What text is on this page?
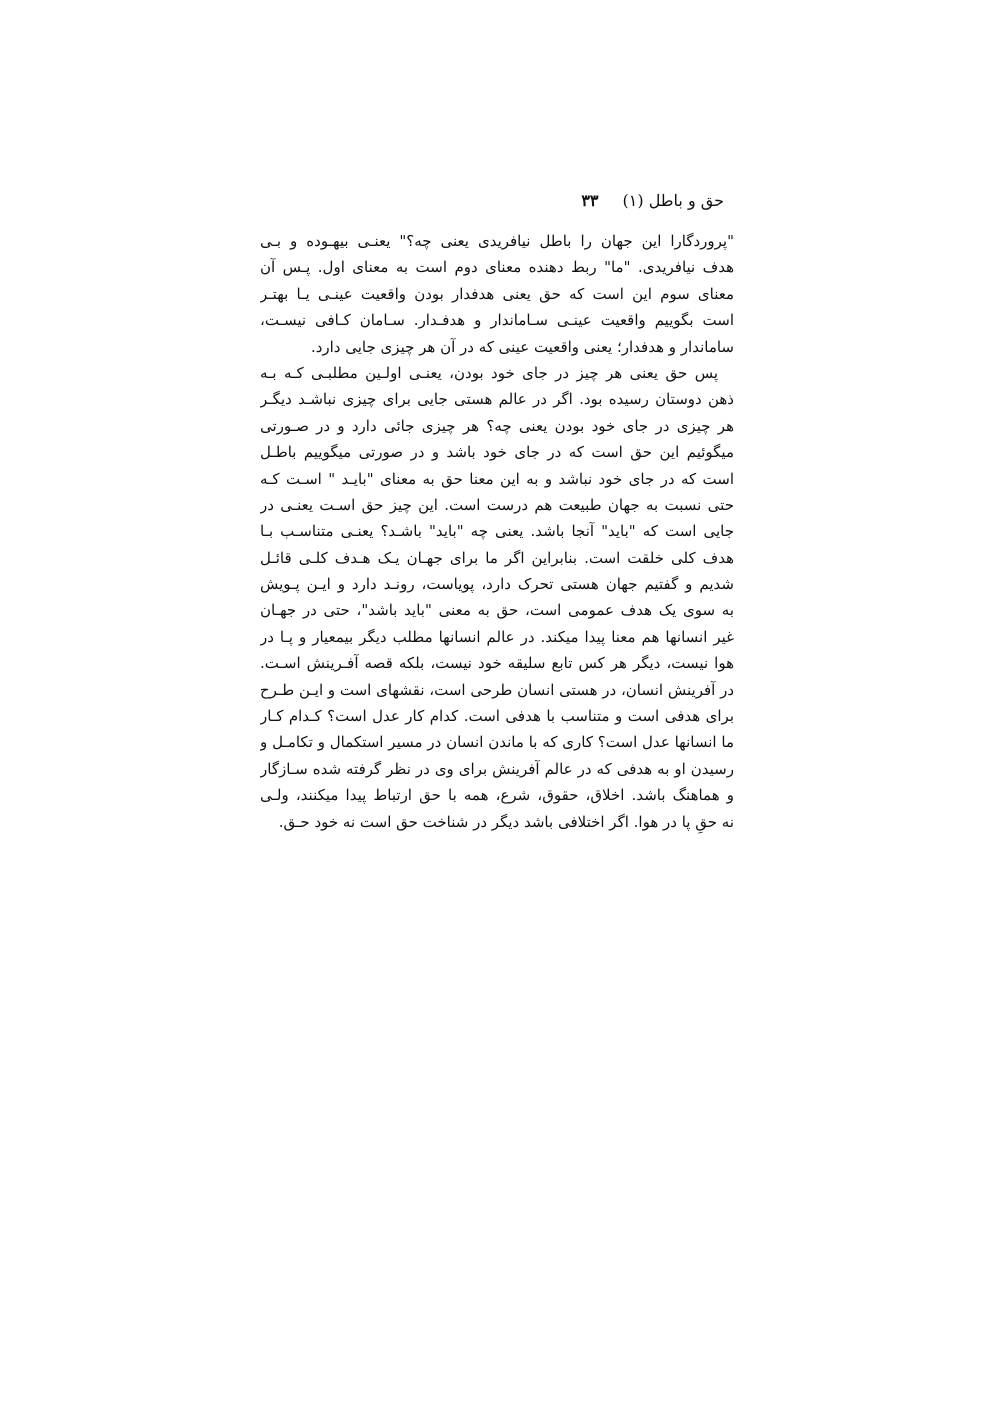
حق و باطل (۱)۳۳
"پروردگارا این جهان را باطل نیافریدی یعنی چه؟" یعنـی بیهـوده و بـی
هدف نیافریدی. "ما" ربط دهنده معنای دوم است به معنای اول. پـس آن
معنای سوم این است که حق یعنی هدفدار بودن واقعیت عینـی یـا بهتـر
است بگوییم واقعیت عینـی سـاماندار و هدفـدار. سـامان کـافی نیسـت،
ساماندار و هدفدار؛ یعنی واقعیت عینی که در آن هر چیزی جایی دارد.
پس حق یعنی هر چیز در جای خود بودن، یعنـی اولـین مطلبـی کـه بـه
ذهن دوستان رسیده بود. اگر در عالم هستی جایی برای چیزی نباشـد دیگـر
هر چیزی در جای خود بودن یعنی چه؟ هر چیزی جائی دارد و در صـورتی
میگوئیم این حق است که در جای خود باشد و در صورتی میگوییم باطـل
است که در جای خود نباشد و به این معنا حق به معنای "بایـد " اسـت کـه
حتی نسبت به جهان طبیعت هم درست است. این چیز حق اسـت یعنـی در
جایی است که "باید" آنجا باشد. یعنی چه "باید" باشـد؟ یعنـی متناسـب بـا
هدف کلی خلقت است. بنابراین اگر ما برای جهـان یـک هـدف کلـی قائـل
شدیم و گفتیم جهان هستی تحرک دارد، پویاست، رونـد دارد و ایـن پـویش
به سوی یک هدف عمومی است، حق به معنی "باید باشد"، حتی در جهـان
غیر انسانها هم معنا پیدا میکند. در عالم انسانها مطلب دیگر بیمعیار و پـا در
هوا نیست، دیگر هر کس تابع سلیقه خود نیست، بلکه قصه آفـرینش اسـت.
در آفرینش انسان، در هستی انسان طرحی است، نقشهای است و ایـن طـرح
برای هدفی است و متناسب با هدفی است. کدام کار عدل است؟ کـدام کـار
ما انسانها عدل است؟ کاری که با ماندن انسان در مسیر استکمال و تکامـل و
رسیدن او به هدفی که در عالم آفرینش برای وی در نظر گرفته شده سـازگار
و هماهنگ باشد. اخلاق، حقوق، شرع، همه با حق ارتباط پیدا میکنند، ولـی
نه حقِ پا در هوا. اگر اختلافی باشد دیگر در شناخت حق است نه خود حـق.
